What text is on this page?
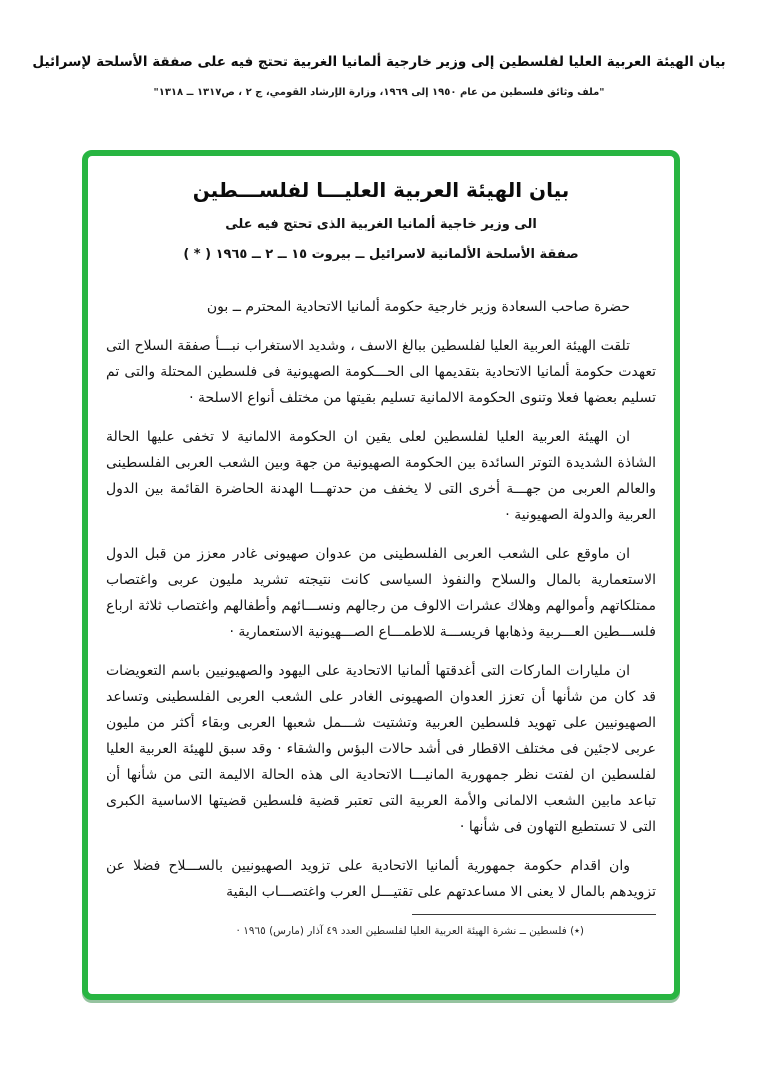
بيان الهيئة العربية العليا لفلسطين إلى وزير خارجية ألمانيا الغربية تحتج فيه على صفقة الأسلحة لإسرائيل
"ملف وثائق فلسطين من عام ١٩٥٠ إلى ١٩٦٩، وزارة الإرشاد القومي، ج ٢ ، ص١٣١٧ ــ ١٣١٨"
بيان الهيئة العربية العليـــا لفلســـطين
الى وزير خاجية ألمانيا الغربية الذى تحتج فيه على
صفقة الأسلحة الألمانية لاسرائيل ــ بيروت ١٥ ــ ٢ ــ ١٩٦٥ ( * )
حضرة صاحب السعادة وزير خارجية حكومة ألمانيا الاتحادية المحترم ــ بون

تلقت الهيئة العربية العليا لفلسطين ببالغ الاسف ، وشديد الاستغراب نبـــأ صفقة السلاح التى تعهدت حكومة ألمانيا الاتحادية بتقديمها الى الحـــكومة الصهيونية فى فلسطين المحتلة والتى تم تسليم بعضها فعلا وتنوى الحكومة الالمانية تسليم بقيتها من مختلف أنواع الاسلحة ·

ان الهيئة العربية العليا لفلسطين لعلى يقين ان الحكومة الالمانية لا تخفى عليها الحالة الشاذة الشديدة التوتر السائدة بين الحكومة الصهيونية من جهة وبين الشعب العربى الفلسطينى والعالم العربى من جهـــة أخرى التى لا يخفف من حدتهـــا الهدنة الحاضرة القائمة بين الدول العربية والدولة الصهيونية ·

ان ماوقع على الشعب العربى الفلسطينى من عدوان صهيونى غادر معزز من قبل الدول الاستعمارية بالمال والسلاح والنفوذ السياسى كانت نتيجته تشريد مليون عربى واغتصاب ممتلكاتهم وأموالهم وهلاك عشرات الالوف من رجالهم ونســـائهم وأطفالهم واغتصاب ثلاثة ارباع فلســـطين العـــربية وذهابها فريســـة للاطمـــاع الصـــهيونية الاستعمارية ·

ان مليارات الماركات التى أغدقتها ألمانيا الاتحادية على اليهود والصهيونيين باسم التعويضات قد كان من شأنها أن تعزز العدوان الصهيونى الغادر على الشعب العربى الفلسطينى وتساعد الصهيونيين على تهويد فلسطين العربية وتشتيت شـــمل شعبها العربى وبقاء أكثر من مليون عربى لاجئين فى مختلف الاقطار فى أشد حالات البؤس والشقاء · وقد سبق للهيئة العربية العليا لفلسطين ان لفتت نظر جمهورية المانيـــا الاتحادية الى هذه الحالة الاليمة التى من شأنها أن تباعد مابين الشعب الالمانى والأمة العربية التى تعتبر قضية فلسطين قضيتها الاساسية الكبرى التى لا تستطيع التهاون فى شأنها ·

وان اقدام حكومة جمهورية ألمانيا الاتحادية على تزويد الصهيونيين بالســـلاح فضلا عن تزويدهم بالمال لا يعنى الا مساعدتهم على تقتيـــل العرب واغتصـــاب البقية

(٭) فلسطين ــ نشرة الهيئة العربية العليا لفلسطين العدد ٤٩ آذار (مارس) ١٩٦٥ ·
